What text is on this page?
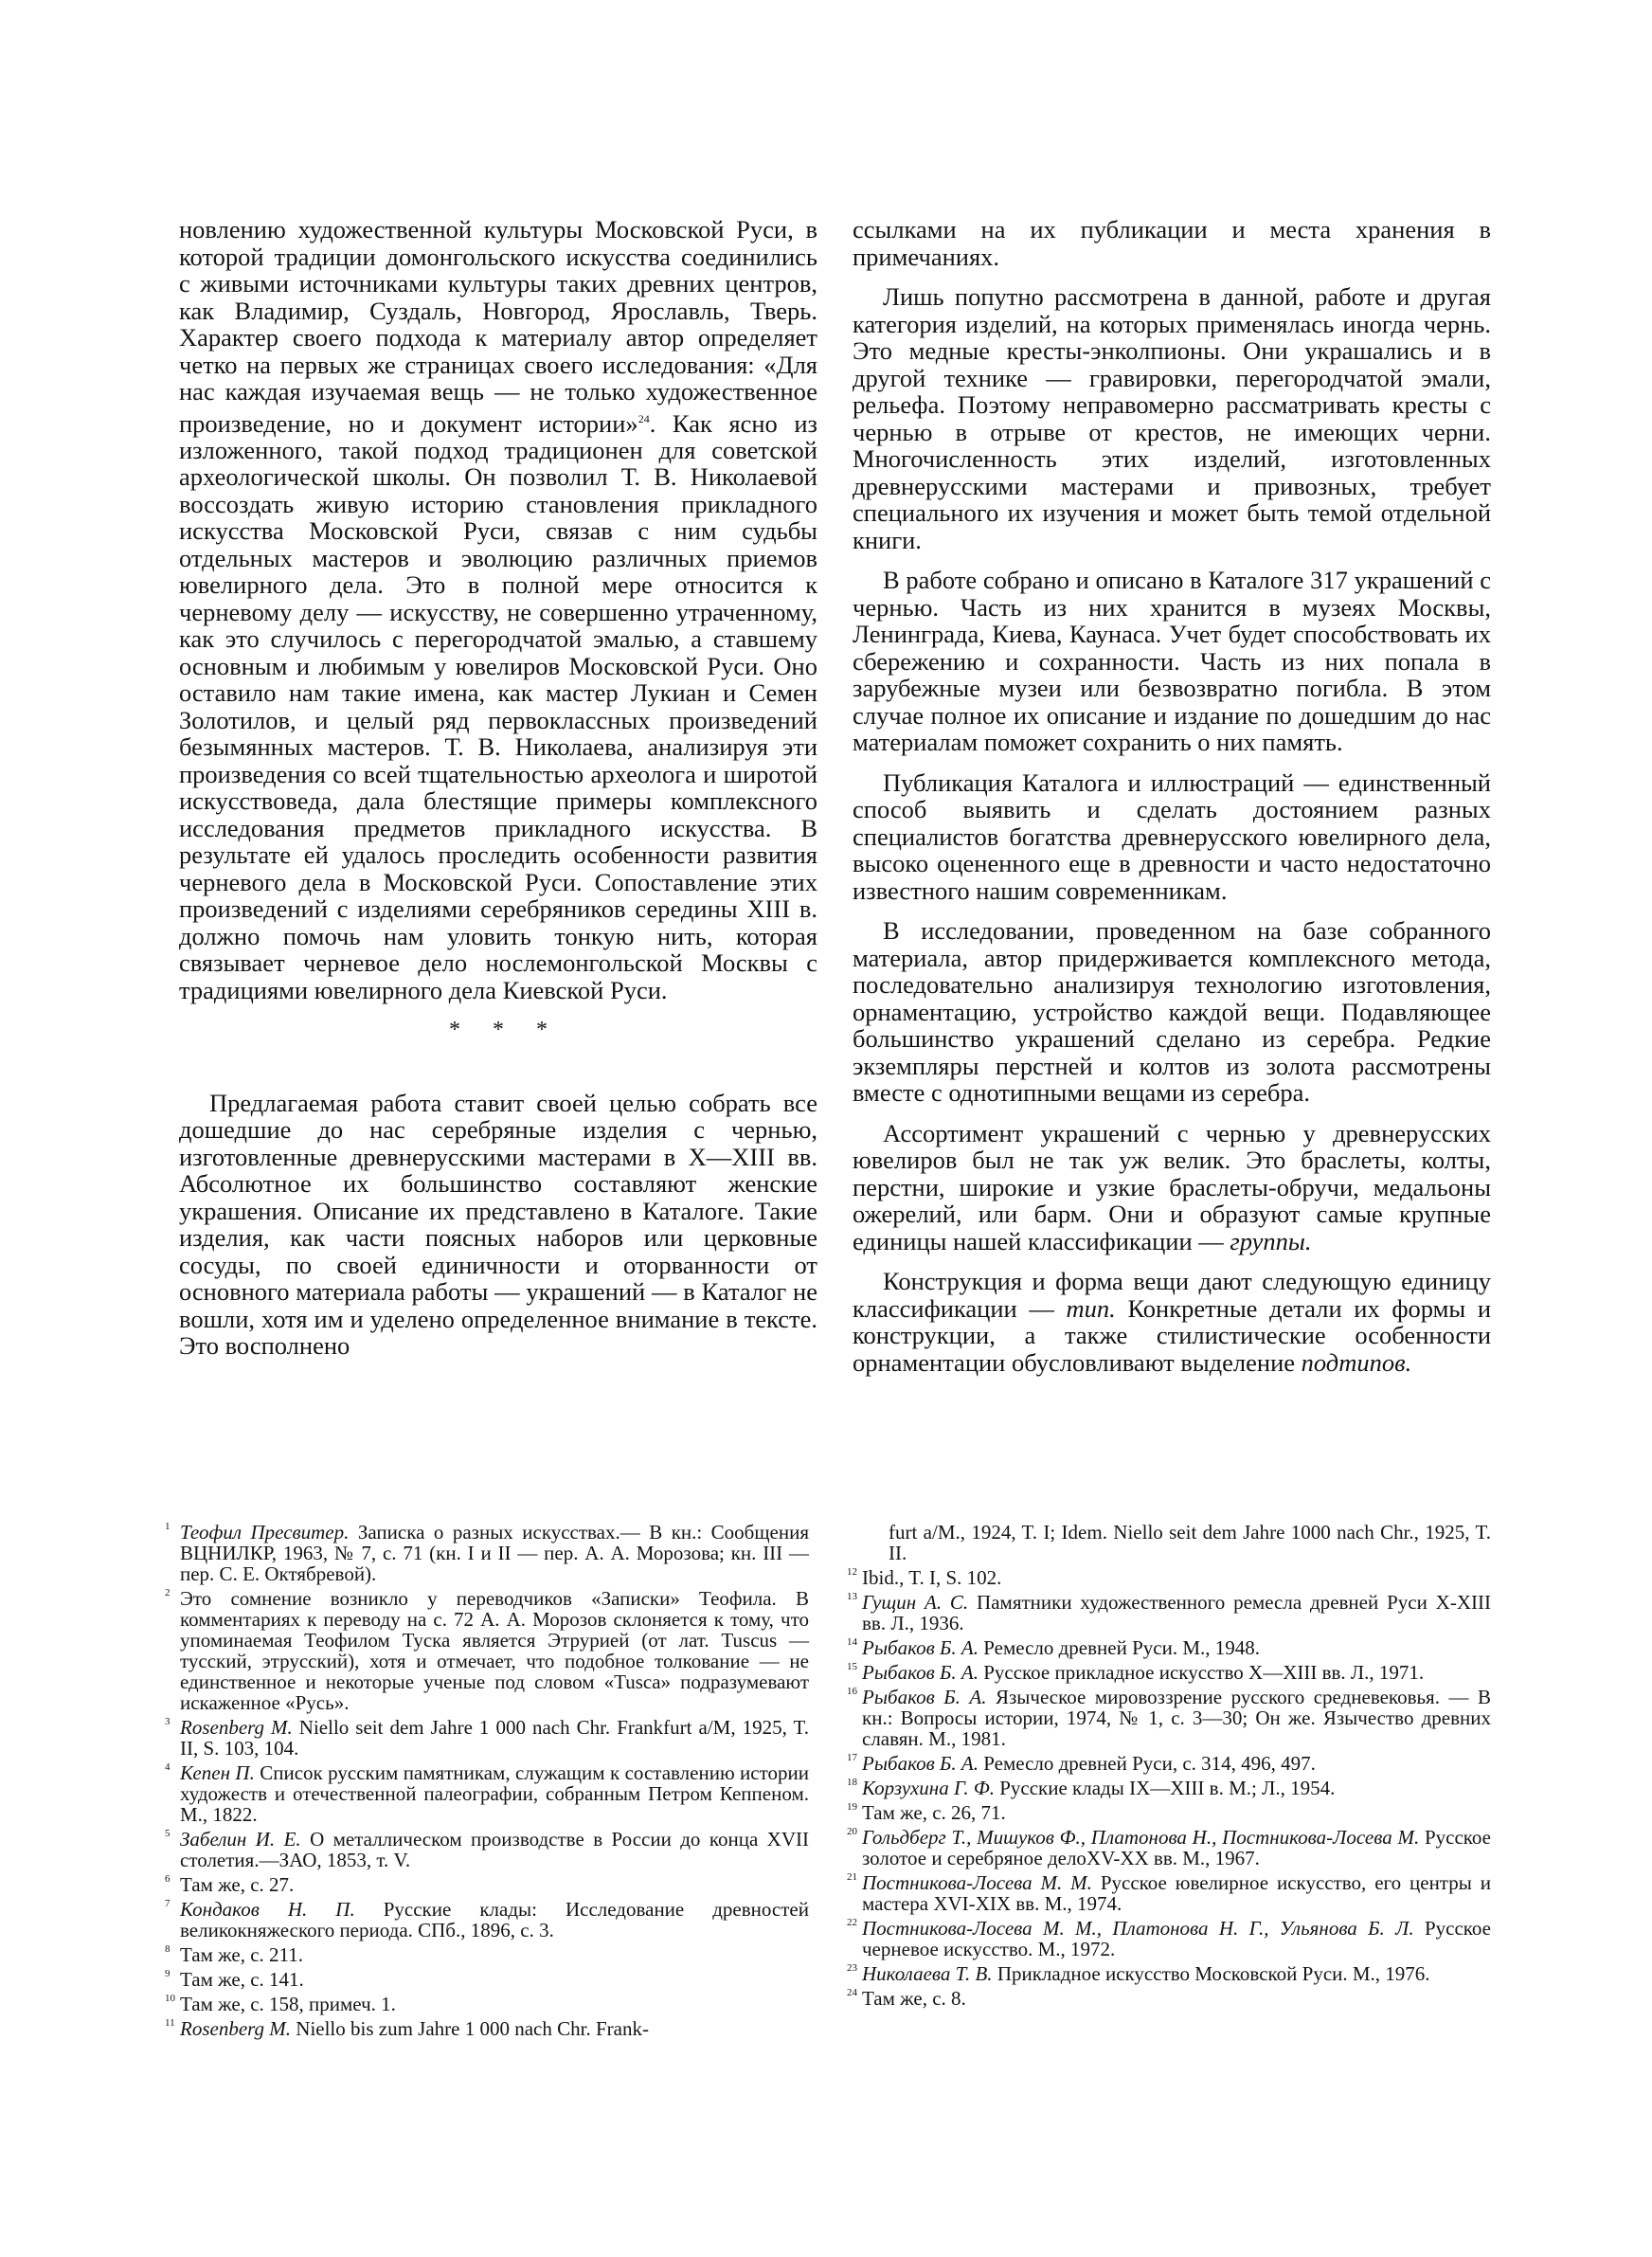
новлению художественной культуры Московской Руси, в которой традиции домонгольского искусства соединились с живыми источниками культуры таких древних центров, как Владимир, Суздаль, Новгород, Ярославль, Тверь. Характер своего подхода к материалу автор определяет четко на первых же страницах своего исследования: «Для нас каждая изучаемая вещь — не только художественное произведение, но и документ истории»$^{24}$. Как ясно из изложенного, такой подход традиционен для советской археологической школы. Он позволил Т. В. Николаевой воссоздать живую историю становления прикладного искусства Московской Руси, связав с ним судьбы отдельных мастеров и эволюцию различных приемов ювелирного дела. Это в полной мере относится к черневому делу — искусству, не совершенно утраченному, как это случилось с перегородчатой эмалью, а ставшему основным и любимым у ювелиров Московской Руси. Оно оставило нам такие имена, как мастер Лукиан и Семен Золотилов, и целый ряд первоклассных произведений безымянных мастеров. Т. В. Николаева, анализируя эти произведения со всей тщательностью археолога и широтой искусствоведа, дала блестящие примеры комплексного исследования предметов прикладного искусства. В результате ей удалось проследить особенности развития черневого дела в Московской Руси. Сопоставление этих произведений с изделиями серебряников середины XIII в. должно помочь нам уловить тонкую нить, которая связывает черневое дело нослемонгольской Москвы с традициями ювелирного дела Киевской Руси.

* * *

Предлагаемая работа ставит своей целью собрать все дошедшие до нас серебряные изделия с чернью, изготовленные древнерусскими мастерами в X—XIII вв. Абсолютное их большинство составляют женские украшения. Описание их представлено в Каталоге. Такие изделия, как части поясных наборов или церковные сосуды, по своей единичности и оторванности от основного материала работы — украшений — в Каталог не вошли, хотя им и уделено определенное внимание в тексте. Это восполнено

ссылками на их публикации и места хранения в примечаниях.

Лишь попутно рассмотрена в данной, работе и другая категория изделий, на которых применялась иногда чернь. Это медные кресты-энколпионы. Они украшались и в другой технике — гравировки, перегородчатой эмали, рельефа. Поэтому неправомерно рассматривать кресты с чернью в отрыве от крестов, не имеющих черни. Многочисленность этих изделий, изготовленных древнерусскими мастерами и привозных, требует специального их изучения и может быть темой отдельной книги.

В работе собрано и описано в Каталоге 317 украшений с чернью. Часть из них хранится в музеях Москвы, Ленинграда, Киева, Каунаса. Учет будет способствовать их сбережению и сохранности. Часть из них попала в зарубежные музеи или безвозвратно погибла. В этом случае полное их описание и издание по дошедшим до нас материалам поможет сохранить о них память.

Публикация Каталога и иллюстраций — единственный способ выявить и сделать достоянием разных специалистов богатства древнерусского ювелирного дела, высоко оцененного еще в древности и часто недостаточно известного нашим современникам.

В исследовании, проведенном на базе собранного материала, автор придерживается комплексного метода, последовательно анализируя технологию изготовления, орнаментацию, устройство каждой вещи. Подавляющее большинство украшений сделано из серебра. Редкие экземпляры перстней и колтов из золота рассмотрены вместе с однотипными вещами из серебра.

Ассортимент украшений с чернью у древнерусских ювелиров был не так уж велик. Это браслеты, колты, перстни, широкие и узкие браслеты-обручи, медальоны ожерелий, или барм. Они и образуют самые крупные единицы нашей классификации — группы.

Конструкция и форма вещи дают следующую единицу классификации — тип. Конкретные детали их формы и конструкции, а также стилистические особенности орнаментации обусловливают выделение подтипов.

1 Теофил Пресвитер. Записка о разных искусствах.— В кн.: Сообщения ВЦНИЛКР, 1963, № 7, с. 71 (кн. I и II — пер. А. А. Морозова; кн. III — пер. С. Е. Октябревой).
2 Это сомнение возникло у переводчиков «Записки» Теофила. В комментариях к переводу на с. 72 А. А. Морозов склоняется к тому, что упоминаемая Теофилом Туска является Этрурией (от лат. Tuscus — тусский, этрусский), хотя и отмечает, что подобное толкование — не единственное и некоторые ученые под словом «Tusca» подразумевают искаженное «Русь».
3 Rosenberg M. Niello seit dem Jahre 1 000 nach Chr. Frankfurt a/M, 1925, T. II, S. 103, 104.
4 Кепен П. Список русским памятникам, служащим к составлению истории художеств и отечественной палеографии, собранным Петром Кеппеном. М., 1822.
5 Забелин И. Е. О металлическом производстве в России до конца XVII столетия.—ЗАО, 1853, т. V.
6 Там же, с. 27.
7 Кондаков Н. П. Русские клады: Исследование древностей великокняжеского периода. СПб., 1896, с. 3.
8 Там же, с. 211.
9 Там же, с. 141.
10 Там же, с. 158, примеч. 1.
11 Rosenberg M. Niello bis zum Jahre 1 000 nach Chr. Frank-
furt a/M., 1924, T. I; Idem. Niello seit dem Jahre 1000 nach Chr., 1925, T. II.
12 Ibid., T. I, S. 102.
13 Гущин А. С. Памятники художественного ремесла древней Руси X-XIII вв. Л., 1936.
14 Рыбаков Б. А. Ремесло древней Руси. М., 1948.
15 Рыбаков Б. А. Русское прикладное искусство X—XIII вв. Л., 1971.
16 Рыбаков Б. А. Языческое мировоззрение русского средневековья. — В кн.: Вопросы истории, 1974, № 1, с. 3—30; Он же. Язычество древних славян. М., 1981.
17 Рыбаков Б. А. Ремесло древней Руси, с. 314, 496, 497.
18 Корзухина Г. Ф. Русские клады IX—XIII в. М.; Л., 1954.
19 Там же, с. 26, 71.
20 Гольдберг Т., Мишуков Ф., Платонова Н., Постникова-Лосева М. Русское золотое и серебряное делоXV-XX вв. М., 1967.
21 Постникова-Лосева М. М. Русское ювелирное искусство, его центры и мастера XVI-XIX вв. М., 1974.
22 Постникова-Лосева М. М., Платонова Н. Г., Ульянова Б. Л. Русское черневое искусство. М., 1972.
23 Николаева Т. В. Прикладное искусство Московской Руси. М., 1976.
24 Там же, с. 8.
